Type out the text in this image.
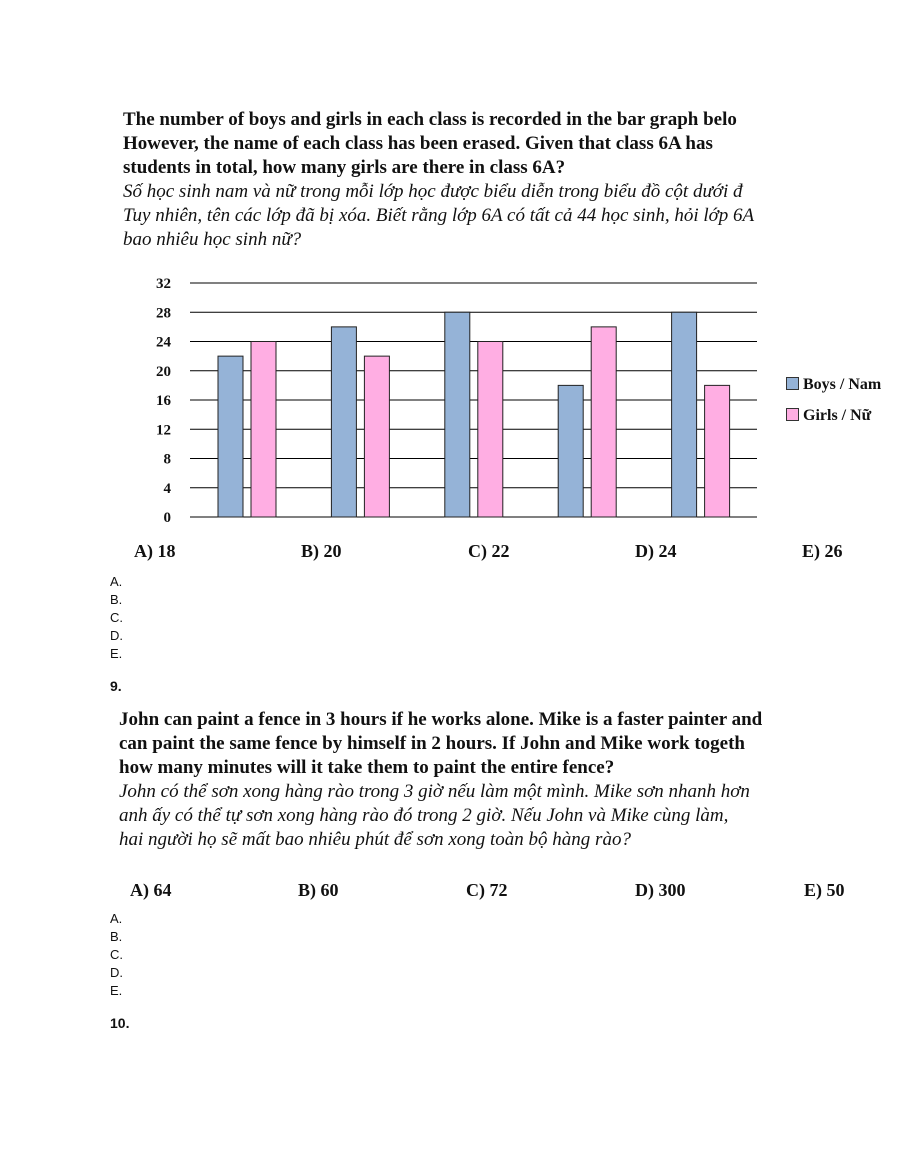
The number of boys and girls in each class is recorded in the bar graph belo
However, the name of each class has been erased. Given that class 6A has
students in total, how many girls are there in class 6A?
Số học sinh nam và nữ trong mỗi lớp học được biểu diễn trong biểu đồ cột dưới đ
Tuy nhiên, tên các lớp đã bị xóa. Biết rằng lớp 6A có tất cả 44 học sinh, hỏi lớp 6A
bao nhiêu học sinh nữ?
0
4
8
12
16
20
24
28
32
Boys / Nam
Girls / Nữ
A) 18	B) 20	C) 22	D) 24	E) 26
A.
B.
C.
D.
E.
9.
John can paint a fence in 3 hours if he works alone. Mike is a faster painter and
can paint the same fence by himself in 2 hours. If John and Mike work togeth
how many minutes will it take them to paint the entire fence?
John có thể sơn xong hàng rào trong 3 giờ nếu làm một mình. Mike sơn nhanh hơn
anh ấy có thể tự sơn xong hàng rào đó trong 2 giờ. Nếu John và Mike cùng làm,
hai người họ sẽ mất bao nhiêu phút để sơn xong toàn bộ hàng rào?
A) 64	B) 60	C) 72	D) 300	E) 50
A.
B.
C.
D.
E.
10.
